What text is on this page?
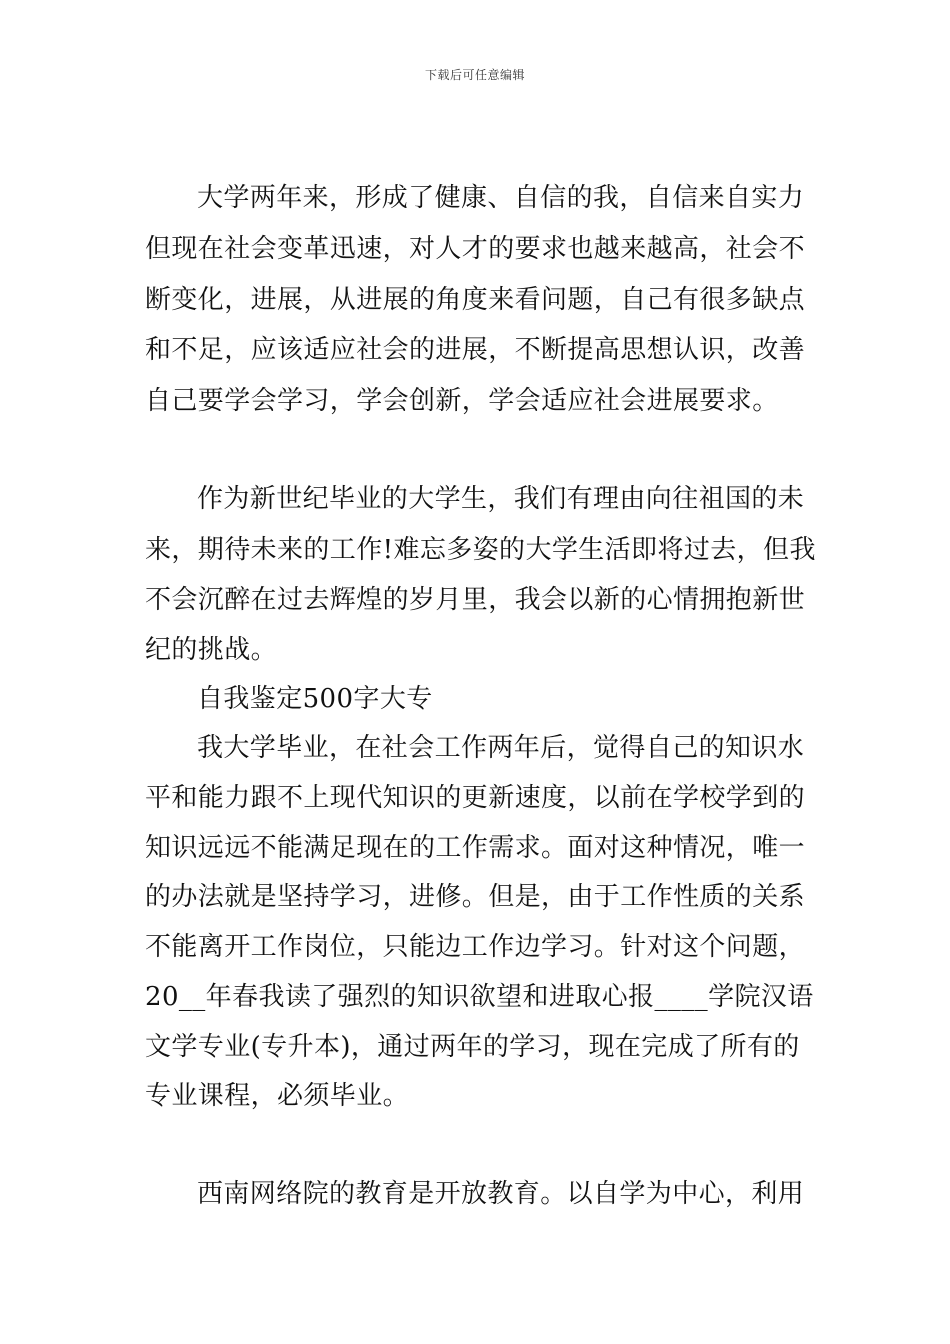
下载后可任意编辑
大学两年来，形成了健康、自信的我，自信来自实力
但现在社会变革迅速，对人才的要求也越来越高，社会不
断变化，进展，从进展的角度来看问题，自己有很多缺点
和不足，应该适应社会的进展，不断提高思想认识，改善
自己要学会学习，学会创新，学会适应社会进展要求。
作为新世纪毕业的大学生，我们有理由向往祖国的未
来，期待未来的工作!难忘多姿的大学生活即将过去，但我
不会沉醉在过去辉煌的岁月里，我会以新的心情拥抱新世
纪的挑战。
自我鉴定500字大专
我大学毕业，在社会工作两年后，觉得自己的知识水
平和能力跟不上现代知识的更新速度，以前在学校学到的
知识远远不能满足现在的工作需求。面对这种情况，唯一
的办法就是坚持学习，进修。但是，由于工作性质的关系
不能离开工作岗位，只能边工作边学习。针对这个问题，
20__年春我读了强烈的知识欲望和进取心报____学院汉语
文学专业(专升本)，通过两年的学习，现在完成了所有的
专业课程，必须毕业。
西南网络院的教育是开放教育。以自学为中心，利用
